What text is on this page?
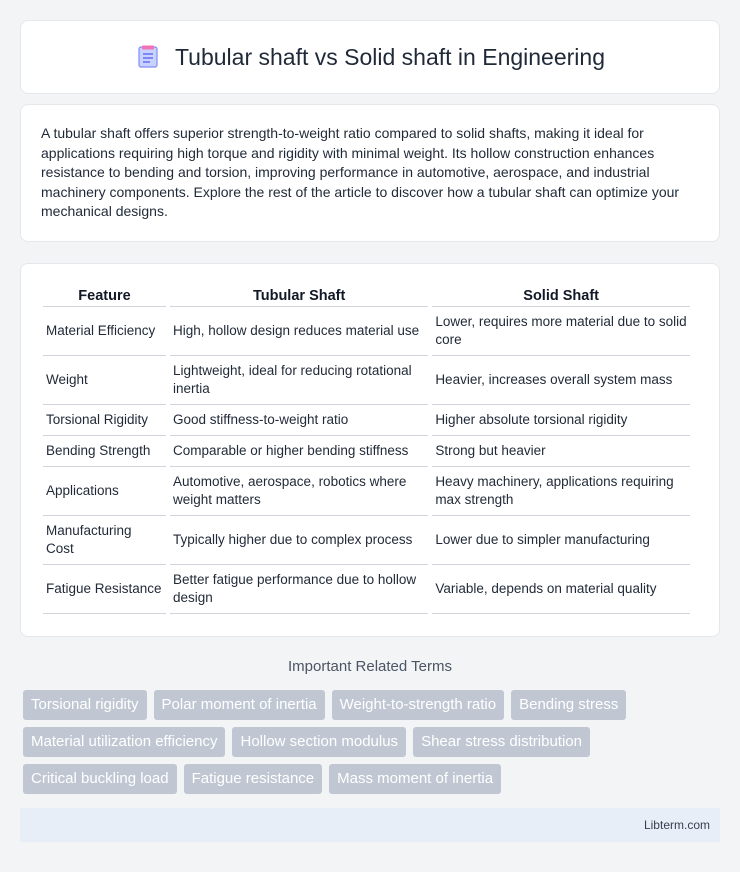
Tubular shaft vs Solid shaft in Engineering

A tubular shaft offers superior strength-to-weight ratio compared to solid shafts, making it ideal for applications requiring high torque and rigidity with minimal weight. Its hollow construction enhances resistance to bending and torsion, improving performance in automotive, aerospace, and industrial machinery components. Explore the rest of the article to discover how a tubular shaft can optimize your mechanical designs.

Feature	Tubular Shaft	Solid Shaft
Material Efficiency	High, hollow design reduces material use	Lower, requires more material due to solid core
Weight	Lightweight, ideal for reducing rotational inertia	Heavier, increases overall system mass
Torsional Rigidity	Good stiffness-to-weight ratio	Higher absolute torsional rigidity
Bending Strength	Comparable or higher bending stiffness	Strong but heavier
Applications	Automotive, aerospace, robotics where weight matters	Heavy machinery, applications requiring max strength
Manufacturing Cost	Typically higher due to complex process	Lower due to simpler manufacturing
Fatigue Resistance	Better fatigue performance due to hollow design	Variable, depends on material quality
Important Related Terms
Torsional rigidity	Polar moment of inertia	Weight-to-strength ratio	Bending stress
Material utilization efficiency	Hollow section modulus	Shear stress distribution
Critical buckling load	Fatigue resistance	Mass moment of inertia
Libterm.com
